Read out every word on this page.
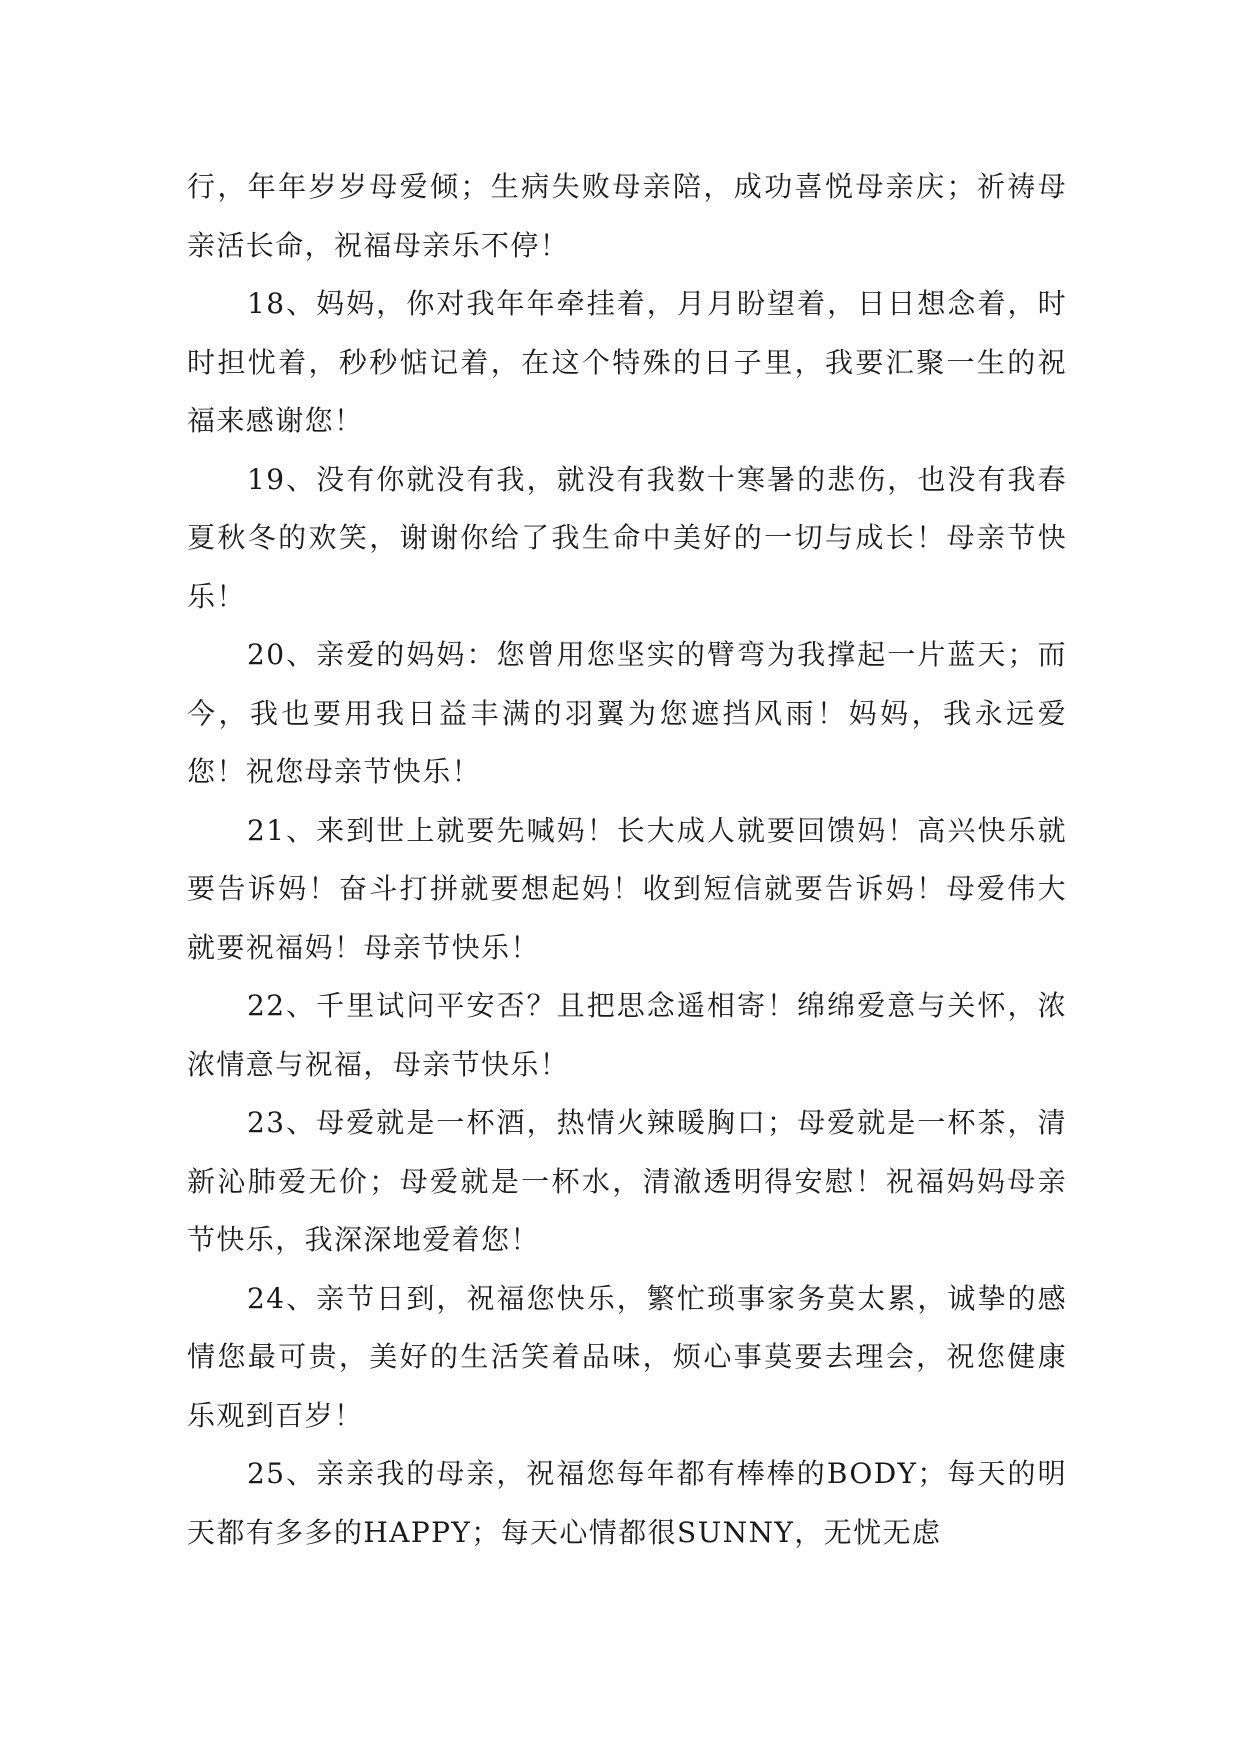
行，年年岁岁母爱倾；生病失败母亲陪，成功喜悦母亲庆；祈祷母亲活长命，祝福母亲乐不停！

18、妈妈，你对我年年牵挂着，月月盼望着，日日想念着，时时担忧着，秒秒惦记着，在这个特殊的日子里，我要汇聚一生的祝福来感谢您！

19、没有你就没有我，就没有我数十寒暑的悲伤，也没有我春夏秋冬的欢笑，谢谢你给了我生命中美好的一切与成长！母亲节快乐！

20、亲爱的妈妈：您曾用您坚实的臂弯为我撑起一片蓝天；而今，我也要用我日益丰满的羽翼为您遮挡风雨！妈妈，我永远爱您！祝您母亲节快乐！

21、来到世上就要先喊妈！长大成人就要回馈妈！高兴快乐就要告诉妈！奋斗打拼就要想起妈！收到短信就要告诉妈！母爱伟大就要祝福妈！母亲节快乐！

22、千里试问平安否？且把思念遥相寄！绵绵爱意与关怀，浓浓情意与祝福，母亲节快乐！

23、母爱就是一杯酒，热情火辣暖胸口；母爱就是一杯茶，清新沁肺爱无价；母爱就是一杯水，清澈透明得安慰！祝福妈妈母亲节快乐，我深深地爱着您！

24、亲节日到，祝福您快乐，繁忙琐事家务莫太累，诚挚的感情您最可贵，美好的生活笑着品味，烦心事莫要去理会，祝您健康乐观到百岁！

25、亲亲我的母亲，祝福您每年都有棒棒的BODY；每天的明天都有多多的HAPPY；每天心情都很SUNNY，无忧无虑
